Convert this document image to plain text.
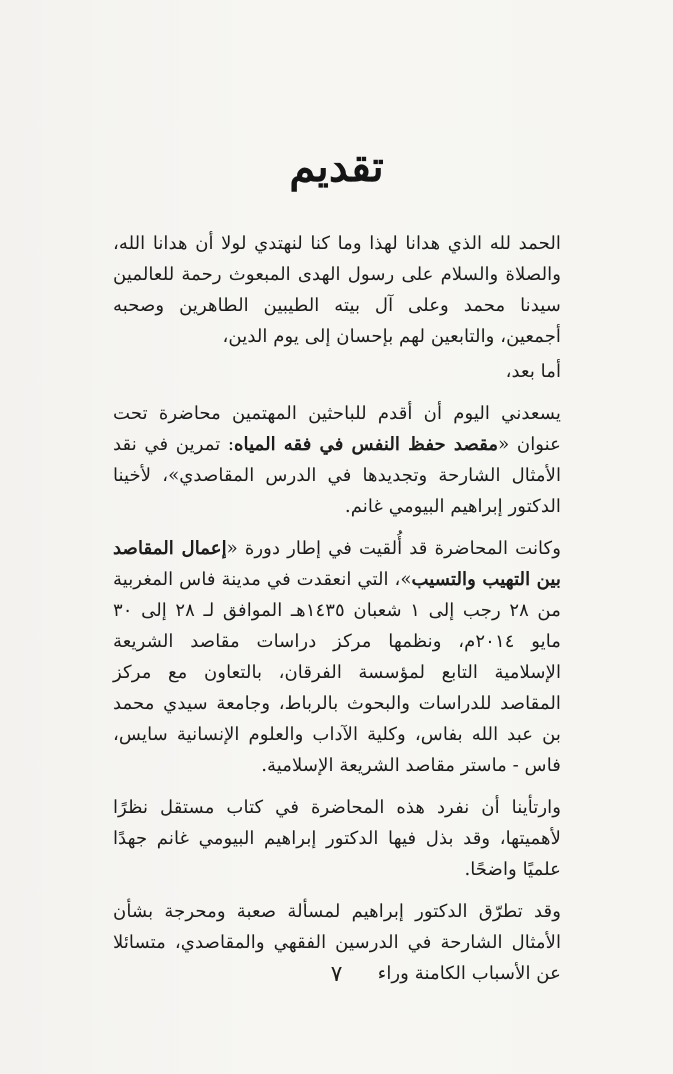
تقديم

الحمد لله الذي هدانا لهذا وما كنا لنهتدي لولا أن هدانا الله، والصلاة والسلام على رسول الهدى المبعوث رحمة للعالمين سيدنا محمد وعلى آل بيته الطيبين الطاهرين وصحبه أجمعين، والتابعين لهم بإحسان إلى يوم الدين،

أما بعد،

يسعدني اليوم أن أقدم للباحثين المهتمين محاضرة تحت عنوان «مقصد حفظ النفس في فقه المياه: تمرين في نقد الأمثال الشارحة وتجديدها في الدرس المقاصدي»، لأخينا الدكتور إبراهيم البيومي غانم.

وكانت المحاضرة قد أُلقيت في إطار دورة «إعمال المقاصد بين التهيب والتسيب»، التي انعقدت في مدينة فاس المغربية من ٢٨ رجب إلى ١ شعبان ١٤٣٥هـ الموافق لـ ٢٨ إلى ٣٠ مايو ٢٠١٤م، ونظمها مركز دراسات مقاصد الشريعة الإسلامية التابع لمؤسسة الفرقان، بالتعاون مع مركز المقاصد للدراسات والبحوث بالرباط، وجامعة سيدي محمد بن عبد الله بفاس، وكلية الآداب والعلوم الإنسانية سايس، فاس - ماستر مقاصد الشريعة الإسلامية.

وارتأينا أن نفرد هذه المحاضرة في كتاب مستقل نظرًا لأهميتها، وقد بذل فيها الدكتور إبراهيم البيومي غانم جهدًا علميًا واضحًا.

وقد تطرّق الدكتور إبراهيم لمسألة صعبة ومحرجة بشأن الأمثال الشارحة في الدرسين الفقهي والمقاصدي، متسائلا عن الأسباب الكامنة وراء

٧
